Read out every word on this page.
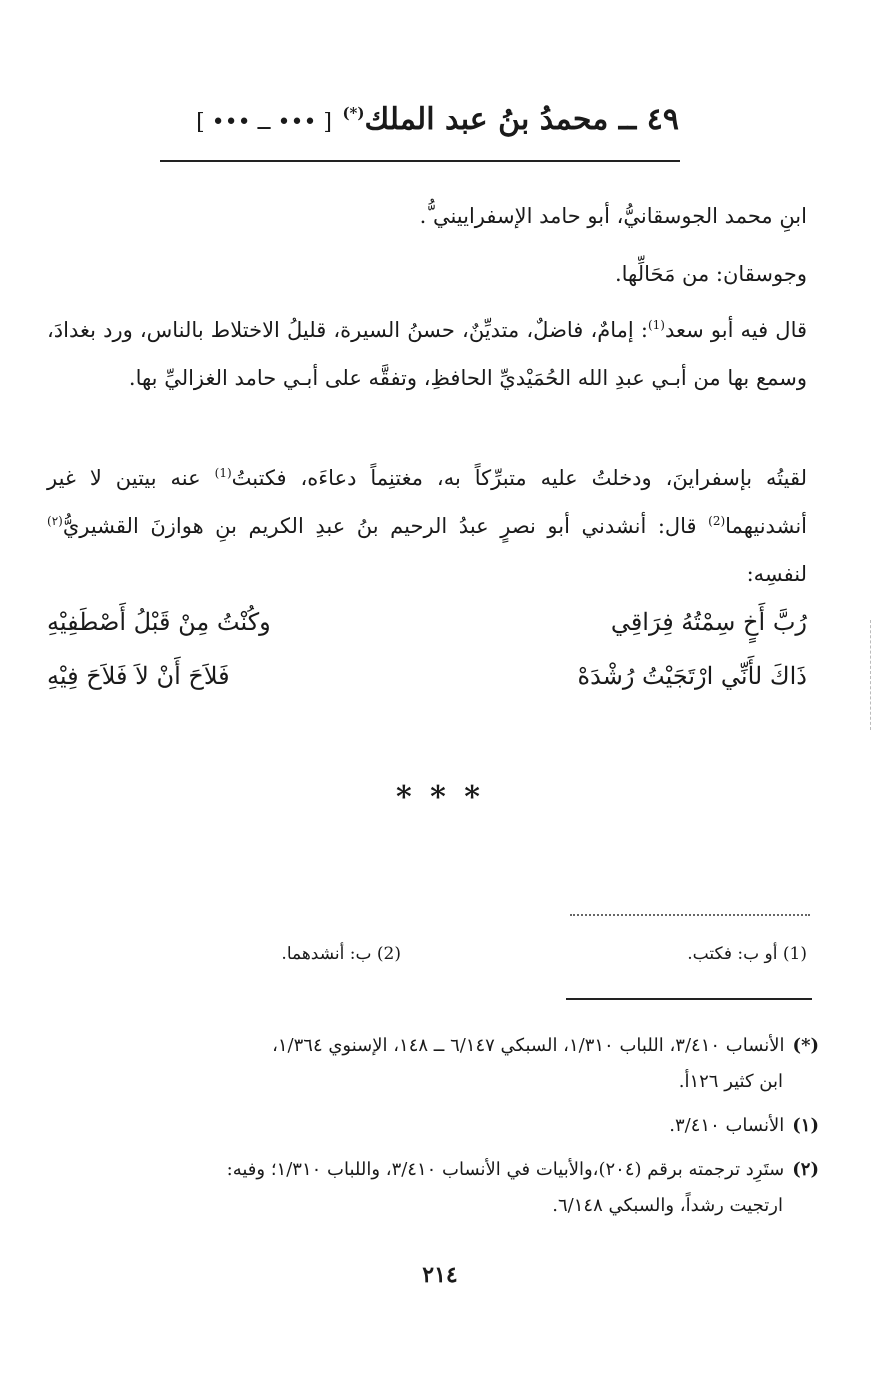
٤٩ ــ محمدُ بنُ عبد الملك(*) [ ••• ــ ••• ]
ابنِ محمد الجوسقانيُّ، أبو حامد الإسفراييني ُّ.
وجوسقان: من مَحَالِّها.
قال فيه أبو سعد$^{(1)}$: إمامٌ، فاضلٌ، متديِّنٌ، حسنُ السيرة، قليلُ الاختلاط بالناس، ورد بغدادَ، وسمع بها من أبـي عبدِ الله الحُمَيْديِّ الحافظِ، وتفقَّه على أبـي حامد الغزاليِّ بها.
لقيتُه بإسفراينَ، ودخلتُ عليه متبرِّكاً به، مغتنِماً دعاءَه، فكتبتُ$^{(1)}$ عنه بيتين لا غير أنشدنيهما$^{(2)}$ قال: أنشدني أبو نصرٍ عبدُ الرحيم بنُ عبدِ الكريم بنِ هوازنَ القشيريُّ$^{(٢)}$ لنفسِه:
رُبَّ أَخٍ سِمْتُهُ فِرَاقِي
وكُنْتُ مِنْ قَبْلُ أَصْطَفِيْهِ
ذَاكَ لأَنِّي ارْتَجَيْتُ رُشْدَهْ
فَلاَحَ أَنْ لاَ فَلاَحَ فِيْهِ
* * *
(1) أو ب: فكتب.
(2) ب: أنشدهما.
(*)الأنساب ٣/٤١٠، اللباب ١/٣١٠، السبكي ٦/١٤٧ ــ ١٤٨، الإسنوي ١/٣٦٤،
ابن كثير ١٢٦أ.
(١)الأنساب ٣/٤١٠.
(٢)ستَرِد ترجمته برقم (٢٠٤)،والأبيات في الأنساب ٣/٤١٠، واللباب ١/٣١٠؛ وفيه:
ارتجيت رشداً، والسبكي ٦/١٤٨.
٢١٤
